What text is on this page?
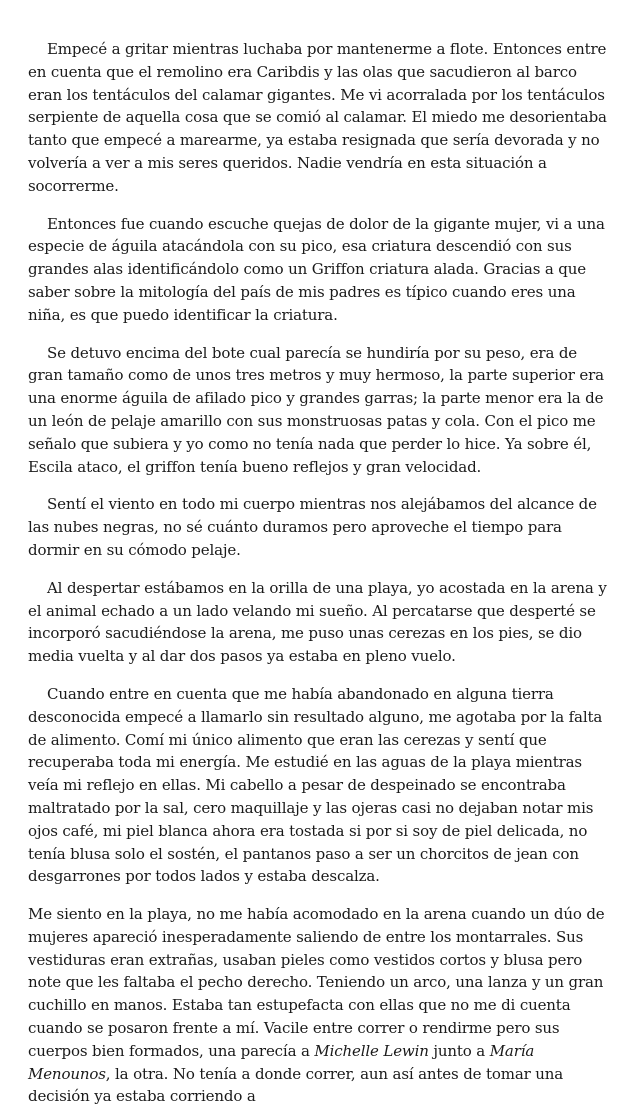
Empecé a gritar mientras luchaba por mantenerme a flote. Entonces entre en cuenta que el remolino era Caribdis y las olas que sacudieron al barco eran los tentáculos del calamar gigantes. Me vi acorralada por los tentáculos serpiente de aquella cosa que se comió al calamar. El miedo me desorientaba tanto que empecé a marearme, ya estaba resignada que sería devorada y no volvería a ver a mis seres queridos. Nadie vendría en esta situación a socorrerme.

Entonces fue cuando escuche quejas de dolor de la gigante mujer, vi a una especie de águila atacándola con su pico, esa criatura descendió con sus grandes alas identificándolo como un Griffon criatura alada. Gracias a que saber sobre la mitología del país de mis padres es típico cuando eres una niña, es que puedo identificar la criatura.

Se detuvo encima del bote cual parecía se hundiría por su peso, era de gran tamaño como de unos tres metros y muy hermoso, la parte superior era una enorme águila de afilado pico y grandes garras; la parte menor era la de un león de pelaje amarillo con sus monstruosas patas y cola. Con el pico me señalo que subiera y yo como no tenía nada que perder lo hice. Ya sobre él, Escila ataco, el griffon tenía bueno reflejos y gran velocidad.

Sentí el viento en todo mi cuerpo mientras nos alejábamos del alcance de las nubes negras, no sé cuánto duramos pero aproveche el tiempo para dormir en su cómodo pelaje.

Al despertar estábamos en la orilla de una playa, yo acostada en la arena y el animal echado a un lado velando mi sueño. Al percatarse que desperté se incorporó sacudiéndose la arena, me puso unas cerezas en los pies, se dio media vuelta y al dar dos pasos ya estaba en pleno vuelo.

Cuando entre en cuenta que me había abandonado en alguna tierra desconocida empecé a llamarlo sin resultado alguno, me agotaba por la falta de alimento. Comí mi único alimento que eran las cerezas y sentí que recuperaba toda mi energía. Me estudié en las aguas de la playa mientras veía mi reflejo en ellas. Mi cabello a pesar de despeinado se encontraba maltratado por la sal, cero maquillaje y las ojeras casi no dejaban notar mis ojos café, mi piel blanca ahora era tostada si por si soy de piel delicada, no tenía blusa solo el sostén, el pantanos paso a ser un chorcitos de jean con desgarrones por todos lados y estaba descalza.

Me siento en la playa, no me había acomodado en la arena cuando un dúo de mujeres apareció inesperadamente saliendo de entre los montarrales. Sus vestiduras eran extrañas, usaban pieles como vestidos cortos y blusa pero note que les faltaba el pecho derecho. Teniendo un arco, una lanza y un gran cuchillo en manos. Estaba tan estupefacta con ellas que no me di cuenta cuando se posaron frente a mí. Vacile entre correr o rendirme pero sus cuerpos bien formados, una parecía a Michelle Lewin junto a María Menounos, la otra. No tenía a donde correr, aun así antes de tomar una decisión ya estaba corriendo a
